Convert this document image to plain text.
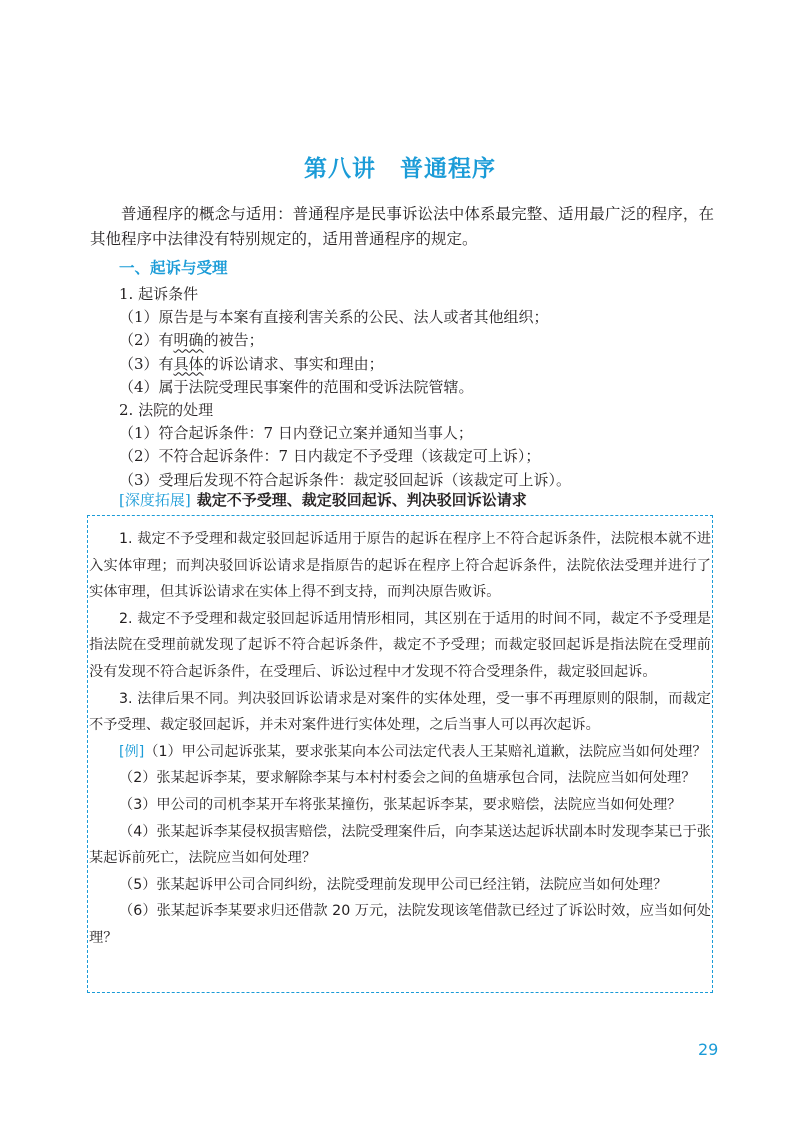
第八讲　普通程序

普通程序的概念与适用：普通程序是民事诉讼法中体系最完整、适用最广泛的程序，在其他程序中法律没有特别规定的，适用普通程序的规定。

一、起诉与受理
1. 起诉条件
（1）原告是与本案有直接利害关系的公民、法人或者其他组织；
（2）有明确的被告；
（3）有具体的诉讼请求、事实和理由；
（4）属于法院受理民事案件的范围和受诉法院管辖。
2. 法院的处理
（1）符合起诉条件：7 日内登记立案并通知当事人；
（2）不符合起诉条件：7 日内裁定不予受理（该裁定可上诉）；
（3）受理后发现不符合起诉条件：裁定驳回起诉（该裁定可上诉）。
[深度拓展] 裁定不予受理、裁定驳回起诉、判决驳回诉讼请求

1. 裁定不予受理和裁定驳回起诉适用于原告的起诉在程序上不符合起诉条件，法院根本就不进入实体审理；而判决驳回诉讼请求是指原告的起诉在程序上符合起诉条件，法院依法受理并进行了实体审理，但其诉讼请求在实体上得不到支持，而判决原告败诉。

2. 裁定不予受理和裁定驳回起诉适用情形相同，其区别在于适用的时间不同，裁定不予受理是指法院在受理前就发现了起诉不符合起诉条件，裁定不予受理；而裁定驳回起诉是指法院在受理前没有发现不符合起诉条件，在受理后、诉讼过程中才发现不符合受理条件，裁定驳回起诉。

3. 法律后果不同。判决驳回诉讼请求是对案件的实体处理，受一事不再理原则的限制，而裁定不予受理、裁定驳回起诉，并未对案件进行实体处理，之后当事人可以再次起诉。

[例]（1）甲公司起诉张某，要求张某向本公司法定代表人王某赔礼道歉，法院应当如何处理？

（2）张某起诉李某，要求解除李某与本村村委会之间的鱼塘承包合同，法院应当如何处理？

（3）甲公司的司机李某开车将张某撞伤，张某起诉李某，要求赔偿，法院应当如何处理？

（4）张某起诉李某侵权损害赔偿，法院受理案件后，向李某送达起诉状副本时发现李某已于张某起诉前死亡，法院应当如何处理？

（5）张某起诉甲公司合同纠纷，法院受理前发现甲公司已经注销，法院应当如何处理？

（6）张某起诉李某要求归还借款 20 万元，法院发现该笔借款已经过了诉讼时效，应当如何处理？

29
